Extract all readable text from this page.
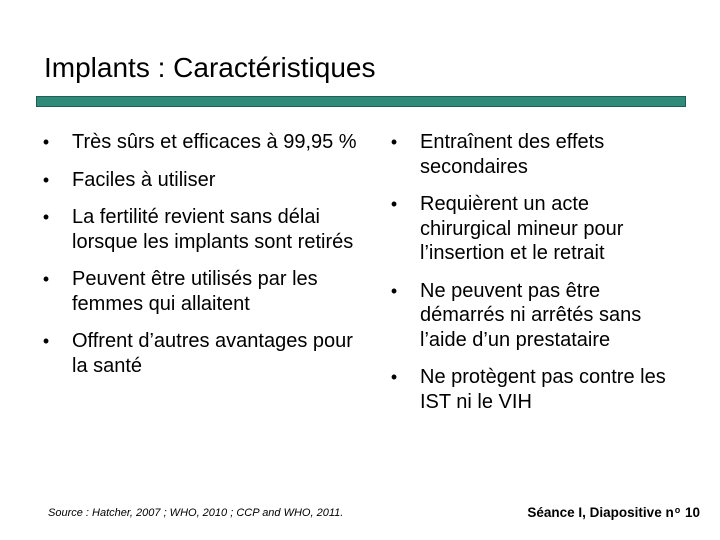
Implants : Caractéristiques
•	Très sûrs et efficaces à 99,95 %
•	Faciles à utiliser
•	La fertilité revient sans délai lorsque les implants sont retirés
•	Peuvent être utilisés par les femmes qui allaitent
•	Offrent d’autres avantages pour la santé
•	Entraînent des effets secondaires
•	Requièrent un acte chirurgical mineur pour l’insertion et le retrait
•	Ne peuvent pas être démarrés ni arrêtés sans l’aide d’un prestataire
•	Ne protègent pas contre les IST ni le VIH
Source : Hatcher, 2007 ; WHO, 2010 ; CCP and WHO, 2011.	Séance I, Diapositive $n^o$ 10
